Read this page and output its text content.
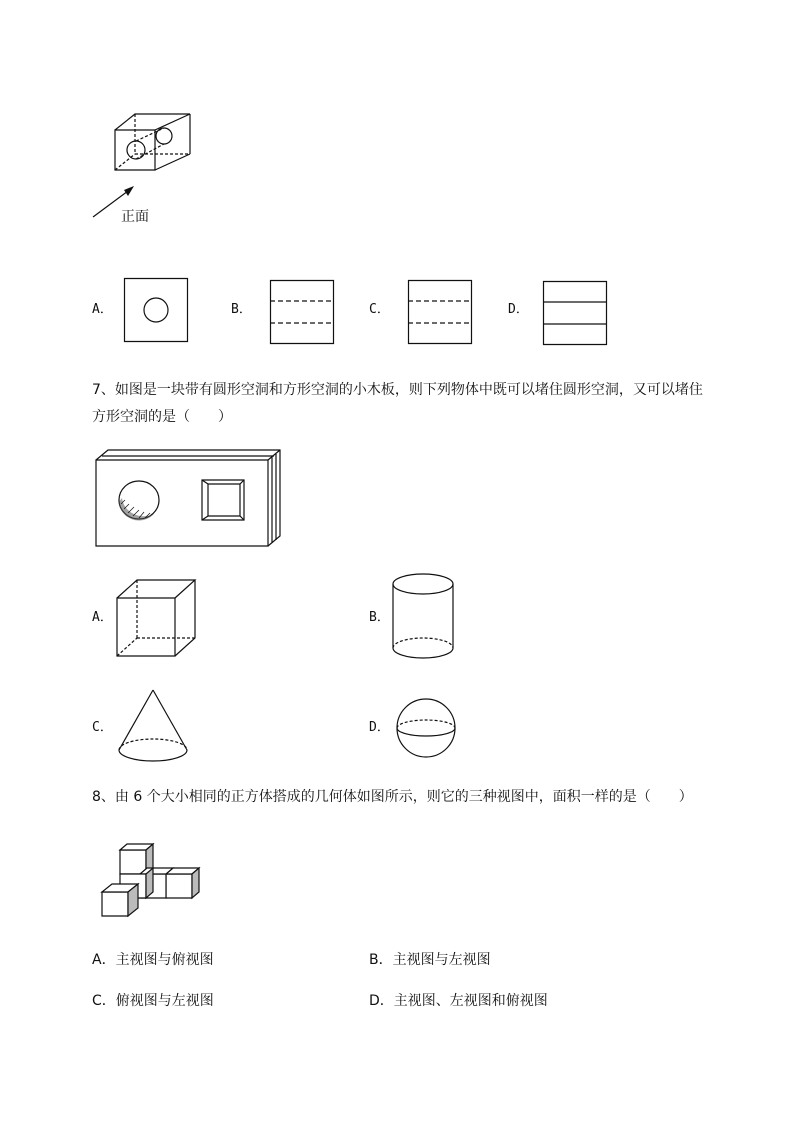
正面
A．	B．	C．	D．
7、如图是一块带有圆形空洞和方形空洞的小木板，则下列物体中既可以堵住圆形空洞，又可以堵住
方形空洞的是（　　）
A．	B．
C．	D．
8、由 6 个大小相同的正方体搭成的几何体如图所示，则它的三种视图中，面积一样的是（　　）
A．主视图与俯视图	B．主视图与左视图
C．俯视图与左视图	D．主视图、左视图和俯视图
